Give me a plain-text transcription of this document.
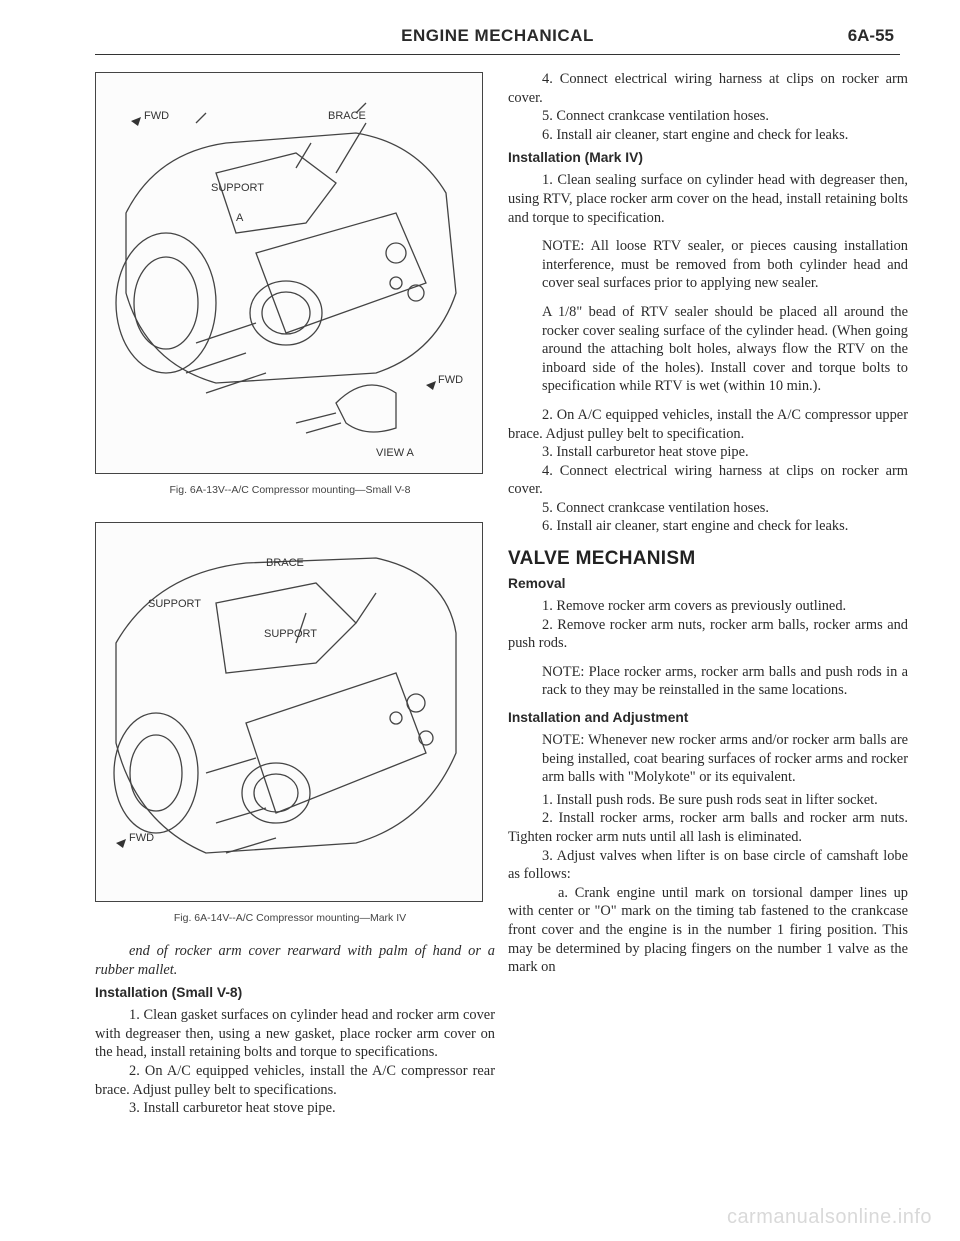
ENGINE MECHANICAL	6A-55
FWD	BRACE
SUPPORT
A
FWD
VIEW A
Fig. 6A-13V--A/C Compressor mounting—Small V-8
BRACE
SUPPORT
SUPPORT
FWD
Fig. 6A-14V--A/C Compressor mounting—Mark IV

end of rocker arm cover rearward with palm of hand or a rubber mallet.

Installation (Small V-8)

1. Clean gasket surfaces on cylinder head and rocker arm cover with degreaser then, using a new gasket, place rocker arm cover on the head, install retaining bolts and torque to specifications.

2. On A/C equipped vehicles, install the A/C compressor rear brace. Adjust pulley belt to specifications.

3. Install carburetor heat stove pipe.

4. Connect electrical wiring harness at clips on rocker arm cover.

5. Connect crankcase ventilation hoses.

6. Install air cleaner, start engine and check for leaks.

Installation (Mark IV)

1. Clean sealing surface on cylinder head with degreaser then, using RTV, place rocker arm cover on the head, install retaining bolts and torque to specification.

NOTE: All loose RTV sealer, or pieces causing installation interference, must be removed from both cylinder head and cover seal surfaces prior to applying new sealer.

A 1/8" bead of RTV sealer should be placed all around the rocker cover sealing surface of the cylinder head. (When going around the attaching bolt holes, always flow the RTV on the inboard side of the holes). Install cover and torque bolts to specification while RTV is wet (within 10 min.).

2. On A/C equipped vehicles, install the A/C compressor upper brace. Adjust pulley belt to specification.

3. Install carburetor heat stove pipe.

4. Connect electrical wiring harness at clips on rocker arm cover.

5. Connect crankcase ventilation hoses.

6. Install air cleaner, start engine and check for leaks.

VALVE MECHANISM
Removal

1. Remove rocker arm covers as previously outlined.

2. Remove rocker arm nuts, rocker arm balls, rocker arms and push rods.

NOTE: Place rocker arms, rocker arm balls and push rods in a rack to they may be reinstalled in the same locations.

Installation and Adjustment

NOTE: Whenever new rocker arms and/or rocker arm balls are being installed, coat bearing surfaces of rocker arms and rocker arm balls with "Molykote" or its equivalent.

1. Install push rods. Be sure push rods seat in lifter socket.

2. Install rocker arms, rocker arm balls and rocker arm nuts. Tighten rocker arm nuts until all lash is eliminated.

3. Adjust valves when lifter is on base circle of camshaft lobe as follows:

a. Crank engine until mark on torsional damper lines up with center or "O" mark on the timing tab fastened to the crankcase front cover and the engine is in the number 1 firing position. This may be determined by placing fingers on the number 1 valve as the mark on

carmanualsonline.info
